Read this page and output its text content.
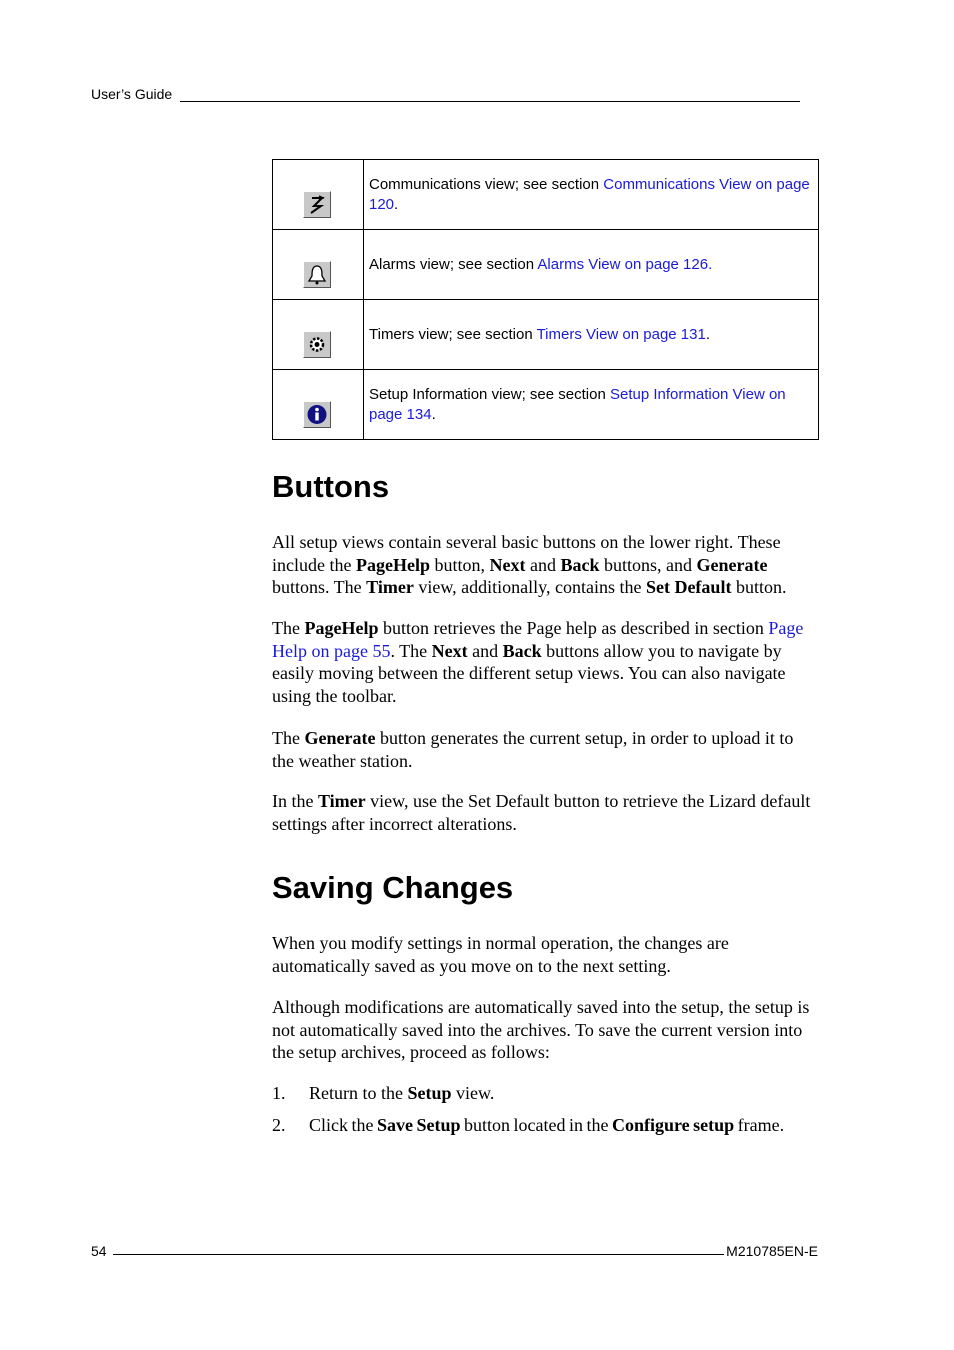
User’s Guide
	Communications view; see section Communications View on page 120.

	Alarms view; see section Alarms View on page 126.

	Timers view; see section Timers View on page 131.

	Setup Information view; see section Setup Information View on page 134.
Buttons

All setup views contain several basic buttons on the lower right. These include the PageHelp button, Next and Back buttons, and Generate buttons. The Timer view, additionally, contains the Set Default button.

The PageHelp button retrieves the Page help as described in section Page Help on page 55. The Next and Back buttons allow you to navigate by easily moving between the different setup views. You can also navigate using the toolbar.

The Generate button generates the current setup, in order to upload it to the weather station.

In the Timer view, use the Set Default button to retrieve the Lizard default settings after incorrect alterations.

Saving Changes

When you modify settings in normal operation, the changes are automatically saved as you move on to the next setting.

Although modifications are automatically saved into the setup, the setup is not automatically saved into the archives. To save the current version into the setup archives, proceed as follows:

1. Return to the Setup view.
2. Click the Save Setup button located in the Configure setup frame.
54	M210785EN-E
